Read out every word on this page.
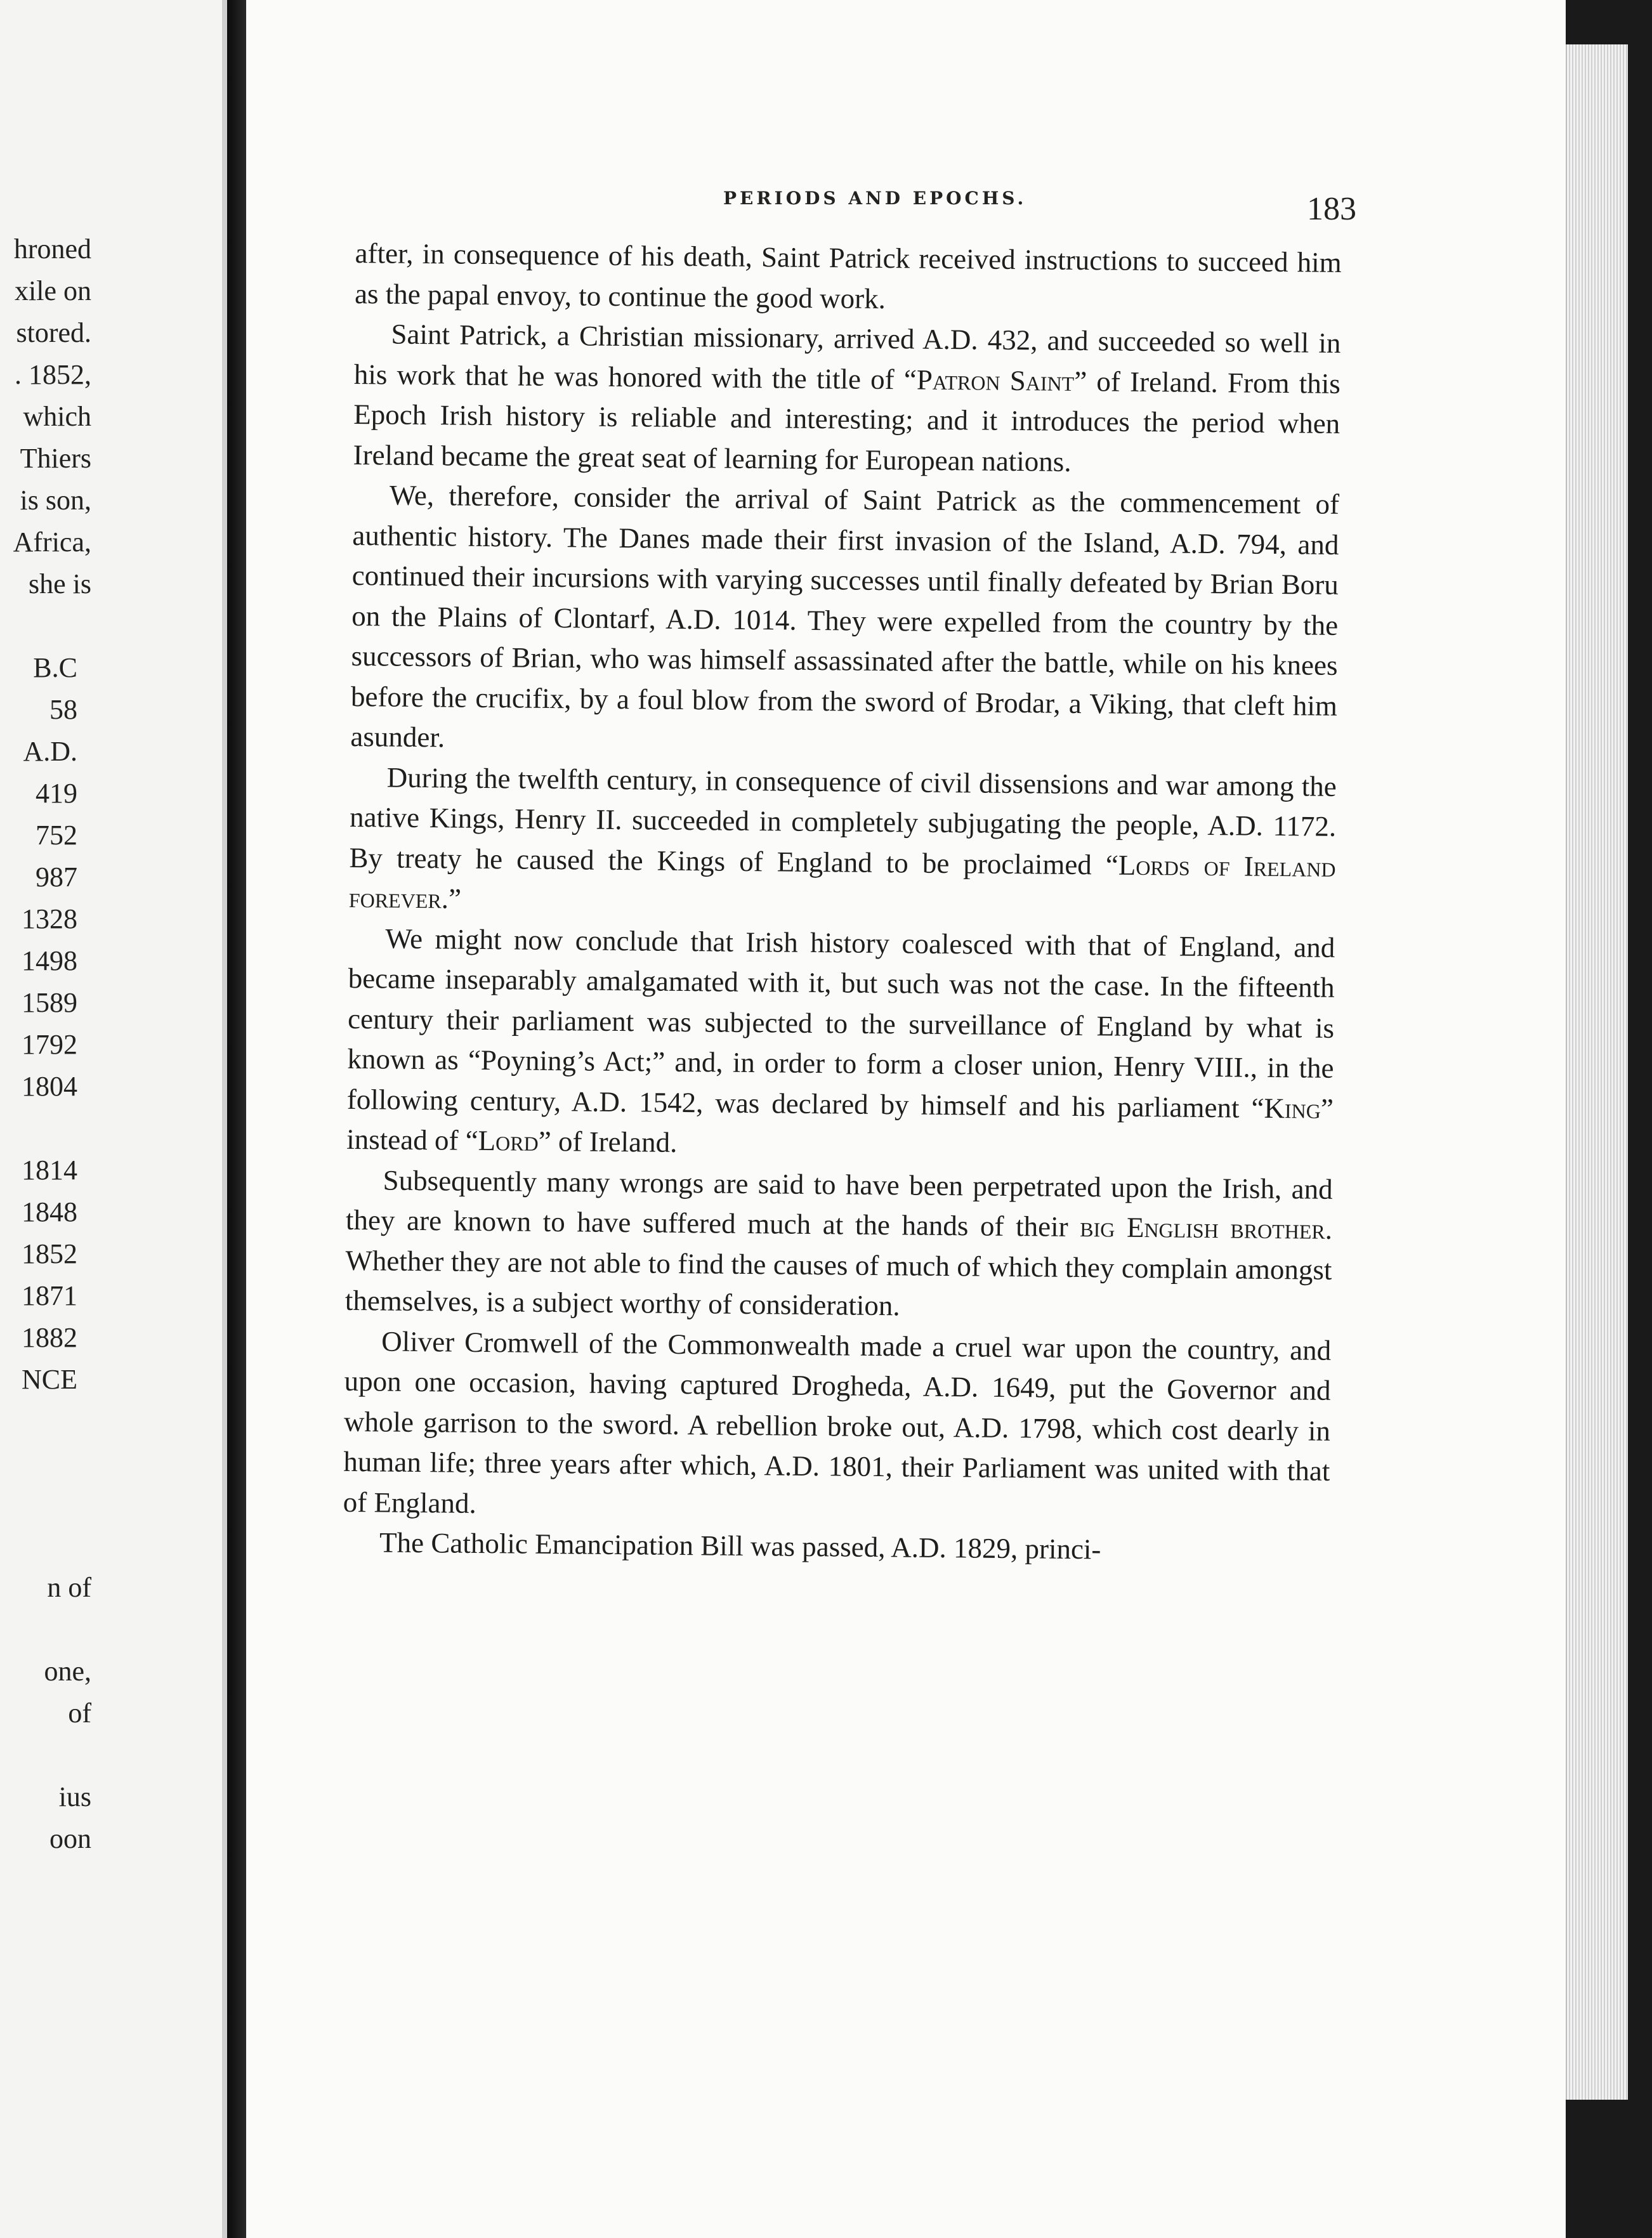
hroned
xile on
stored.
. 1852,
which
Thiers
is son,
Africa,
she is
B.C
58
A.D.
419
752
987
1328
1498
1589
1792
1804
1814
1848
1852
1871
1882
NCE
n of
one,
of
ius
oon
PERIODS AND EPOCHS.	183

after, in consequence of his death, Saint Patrick received instructions to succeed him as the papal envoy, to continue the good work.

Saint Patrick, a Christian missionary, arrived A.D. 432, and succeeded so well in his work that he was honored with the title of “Patron Saint” of Ireland. From this Epoch Irish history is reliable and interesting; and it introduces the period when Ireland became the great seat of learning for European nations.

We, therefore, consider the arrival of Saint Patrick as the commencement of authentic history. The Danes made their first invasion of the Island, A.D. 794, and continued their incursions with varying successes until finally defeated by Brian Boru on the Plains of Clontarf, A.D. 1014. They were expelled from the country by the successors of Brian, who was himself assassinated after the battle, while on his knees before the crucifix, by a foul blow from the sword of Brodar, a Viking, that cleft him asunder.

During the twelfth century, in consequence of civil dissensions and war among the native Kings, Henry II. succeeded in completely subjugating the people, A.D. 1172. By treaty he caused the Kings of England to be proclaimed “Lords of Ireland forever.”

We might now conclude that Irish history coalesced with that of England, and became inseparably amalgamated with it, but such was not the case. In the fifteenth century their parliament was subjected to the surveillance of England by what is known as “Poyning’s Act;” and, in order to form a closer union, Henry VIII., in the following century, A.D. 1542, was declared by himself and his parliament “King” instead of “Lord” of Ireland.

Subsequently many wrongs are said to have been perpetrated upon the Irish, and they are known to have suffered much at the hands of their big English brother. Whether they are not able to find the causes of much of which they complain amongst themselves, is a subject worthy of consideration.

Oliver Cromwell of the Commonwealth made a cruel war upon the country, and upon one occasion, having captured Drogheda, A.D. 1649, put the Governor and whole garrison to the sword. A rebellion broke out, A.D. 1798, which cost dearly in human life; three years after which, A.D. 1801, their Parliament was united with that of England.

The Catholic Emancipation Bill was passed, A.D. 1829, princi-
